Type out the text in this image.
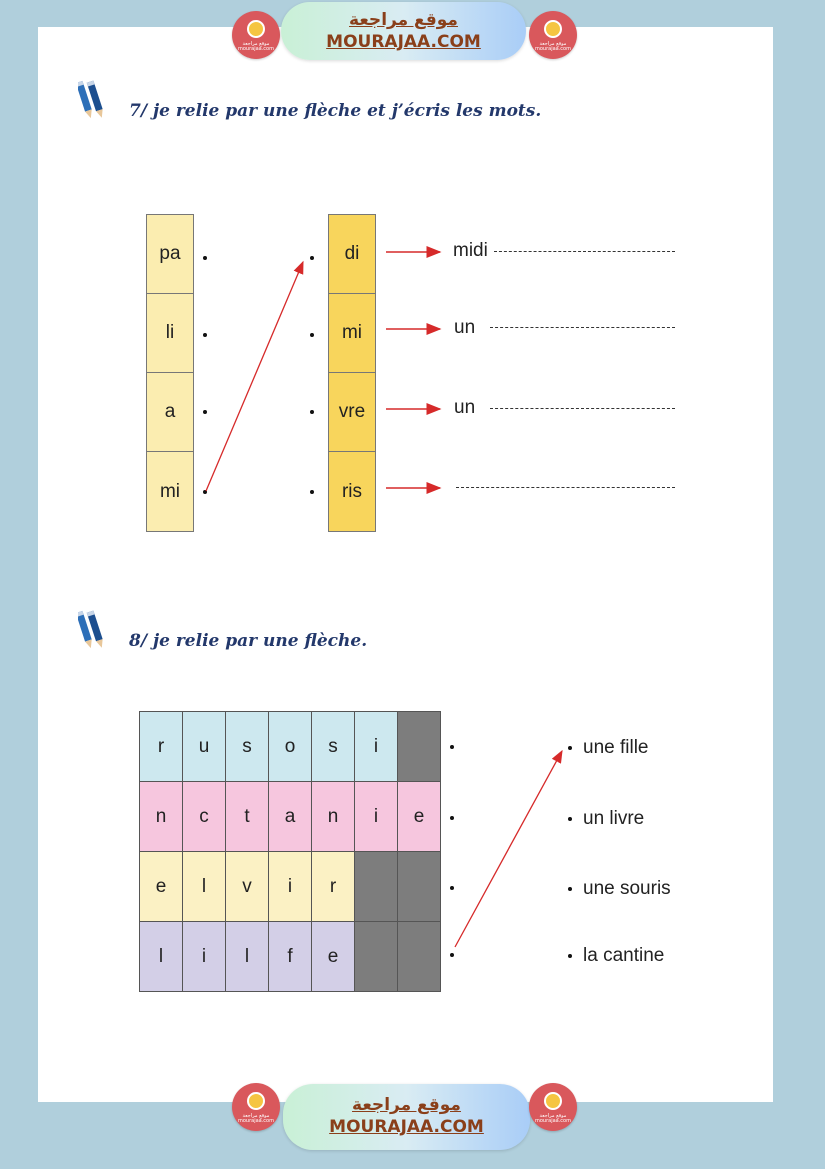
موقع مراجعة mourajaa.com
موقع مراجعة
MOURAJAA.COM	موقع مراجعة mourajaa.com
7/ je relie par une flèche et j’écris les mots.
pa
li
a
mi
di
mi
vre
ris
midi
un
un
8/ je relie par une flèche.
r	u	s	o	s	i	
n	c	t	a	n	i	e
e	l	v	i	r		
l	i	l	f	e		
une fille
un livre
une souris
la cantine
موقع مراجعة mourajaa.com
موقع مراجعة
MOURAJAA.COM
موقع مراجعة mourajaa.com
